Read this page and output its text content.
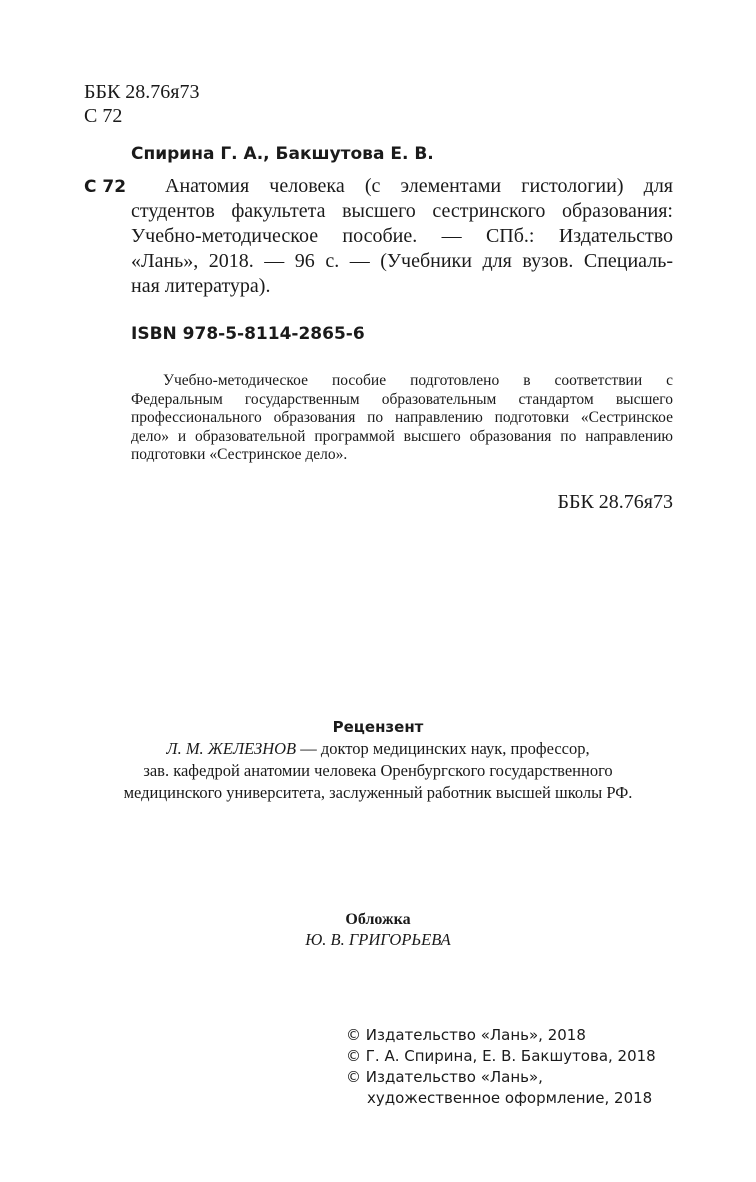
ББК 28.76я73
С 72
Спирина Г. А., Бакшутова Е. В.
С 72	Анатомия человека (с элементами гистологии) для
студентов факультета высшего сестринского образования:
Учебно-методическое пособие. — СПб.: Издательство
«Лань», 2018. — 96 с. — (Учебники для вузов. Специаль-
ная литература).
ISBN 978-5-8114-2865-6
Учебно-методическое пособие подготовлено в соответствии с
Федеральным государственным образовательным стандартом высшего
профессионального образования по направлению подготовки «Сестринское
дело» и образовательной программой высшего образования по направлению
подготовки «Сестринское дело».
ББК 28.76я73
Рецензент
Л. М. ЖЕЛЕЗНОВ — доктор медицинских наук, профессор,
зав. кафедрой анатомии человека Оренбургского государственного
медицинского университета, заслуженный работник высшей школы РФ.
Обложка
Ю. В. ГРИГОРЬЕВА
© Издательство «Лань», 2018
© Г. А. Спирина, Е. В. Бакшутова, 2018
© Издательство «Лань»,
художественное оформление, 2018
